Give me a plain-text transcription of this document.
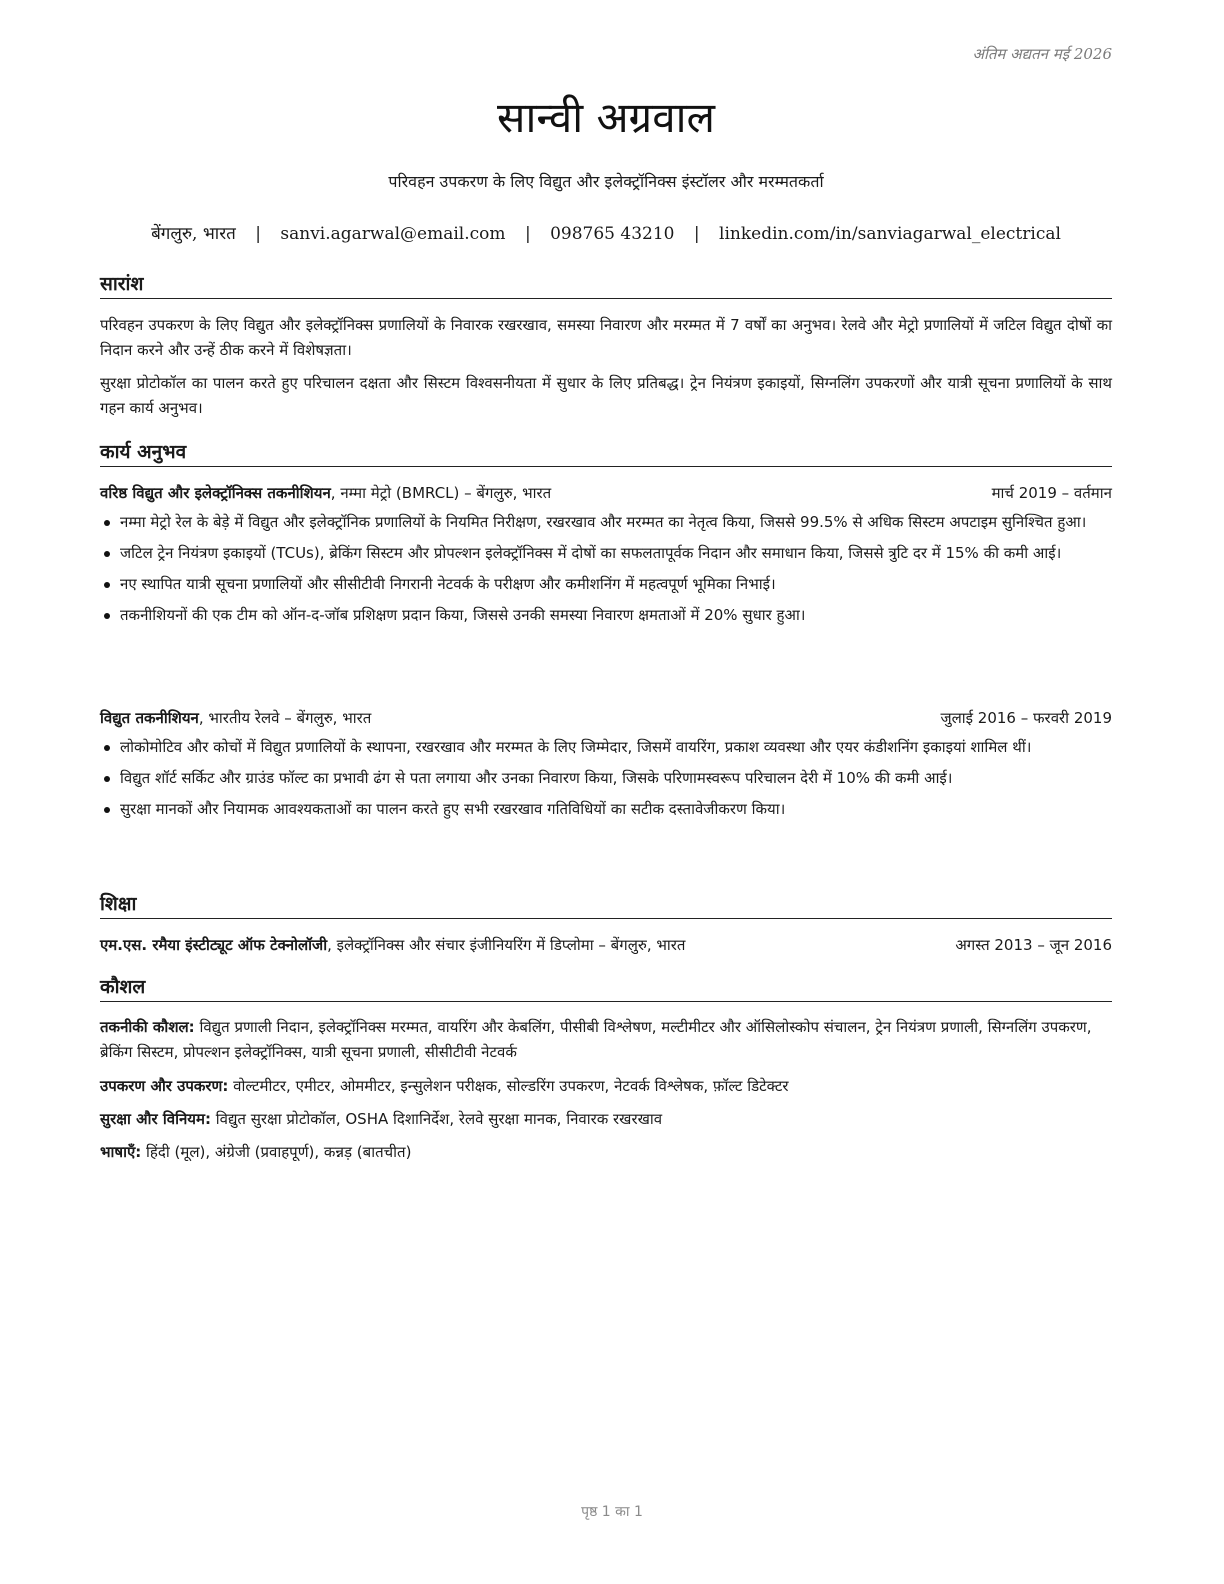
अंतिम अद्यतन मई 2026
सान्वी अग्रवाल
परिवहन उपकरण के लिए विद्युत और इलेक्ट्रॉनिक्स इंस्टॉलर और मरम्मतकर्ता
बेंगलुरु, भारत | sanvi.agarwal@email.com | 098765 43210 | linkedin.com/in/sanviagarwal_electrical
सारांश
परिवहन उपकरण के लिए विद्युत और इलेक्ट्रॉनिक्स प्रणालियों के निवारक रखरखाव, समस्या निवारण और मरम्मत में 7 वर्षों का अनुभव। रेलवे और मेट्रो प्रणालियों में जटिल विद्युत दोषों का निदान करने और उन्हें ठीक करने में विशेषज्ञता।
सुरक्षा प्रोटोकॉल का पालन करते हुए परिचालन दक्षता और सिस्टम विश्वसनीयता में सुधार के लिए प्रतिबद्ध। ट्रेन नियंत्रण इकाइयों, सिग्नलिंग उपकरणों और यात्री सूचना प्रणालियों के साथ गहन कार्य अनुभव।
कार्य अनुभव
वरिष्ठ विद्युत और इलेक्ट्रॉनिक्स तकनीशियन, नम्मा मेट्रो (BMRCL) – बेंगलुरु, भारत	मार्च 2019 – वर्तमान
नम्मा मेट्रो रेल के बेड़े में विद्युत और इलेक्ट्रॉनिक प्रणालियों के नियमित निरीक्षण, रखरखाव और मरम्मत का नेतृत्व किया, जिससे 99.5% से अधिक सिस्टम अपटाइम सुनिश्चित हुआ।
जटिल ट्रेन नियंत्रण इकाइयों (TCUs), ब्रेकिंग सिस्टम और प्रोपल्शन इलेक्ट्रॉनिक्स में दोषों का सफलतापूर्वक निदान और समाधान किया, जिससे त्रुटि दर में 15% की कमी आई।
नए स्थापित यात्री सूचना प्रणालियों और सीसीटीवी निगरानी नेटवर्क के परीक्षण और कमीशनिंग में महत्वपूर्ण भूमिका निभाई।
तकनीशियनों की एक टीम को ऑन-द-जॉब प्रशिक्षण प्रदान किया, जिससे उनकी समस्या निवारण क्षमताओं में 20% सुधार हुआ।
विद्युत तकनीशियन, भारतीय रेलवे – बेंगलुरु, भारत	जुलाई 2016 – फरवरी 2019
लोकोमोटिव और कोचों में विद्युत प्रणालियों के स्थापना, रखरखाव और मरम्मत के लिए जिम्मेदार, जिसमें वायरिंग, प्रकाश व्यवस्था और एयर कंडीशनिंग इकाइयां शामिल थीं।
विद्युत शॉर्ट सर्किट और ग्राउंड फॉल्ट का प्रभावी ढंग से पता लगाया और उनका निवारण किया, जिसके परिणामस्वरूप परिचालन देरी में 10% की कमी आई।
सुरक्षा मानकों और नियामक आवश्यकताओं का पालन करते हुए सभी रखरखाव गतिविधियों का सटीक दस्तावेजीकरण किया।
शिक्षा
एम.एस. रमैया इंस्टीट्यूट ऑफ टेक्नोलॉजी, इलेक्ट्रॉनिक्स और संचार इंजीनियरिंग में डिप्लोमा – बेंगलुरु, भारत	अगस्त 2013 – जून 2016
कौशल
तकनीकी कौशल: विद्युत प्रणाली निदान, इलेक्ट्रॉनिक्स मरम्मत, वायरिंग और केबलिंग, पीसीबी विश्लेषण, मल्टीमीटर और ऑसिलोस्कोप संचालन, ट्रेन नियंत्रण प्रणाली, सिग्नलिंग उपकरण, ब्रेकिंग सिस्टम, प्रोपल्शन इलेक्ट्रॉनिक्स, यात्री सूचना प्रणाली, सीसीटीवी नेटवर्क
उपकरण और उपकरण: वोल्टमीटर, एमीटर, ओममीटर, इन्सुलेशन परीक्षक, सोल्डरिंग उपकरण, नेटवर्क विश्लेषक, फ़ॉल्ट डिटेक्टर
सुरक्षा और विनियम: विद्युत सुरक्षा प्रोटोकॉल, OSHA दिशानिर्देश, रेलवे सुरक्षा मानक, निवारक रखरखाव
भाषाएँ: हिंदी (मूल), अंग्रेजी (प्रवाहपूर्ण), कन्नड़ (बातचीत)
पृष्ठ 1 का 1
